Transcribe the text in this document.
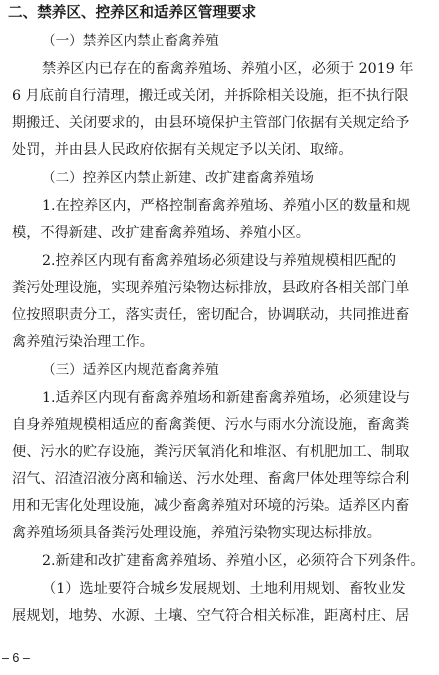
二、禁养区、控养区和适养区管理要求
（一）禁养区内禁止畜禽养殖
禁养区内已存在的畜禽养殖场、养殖小区，必须于 2019 年
6 月底前自行清理，搬迁或关闭，并拆除相关设施，拒不执行限
期搬迁、关闭要求的，由县环境保护主管部门依据有关规定给予
处罚，并由县人民政府依据有关规定予以关闭、取缔。
（二）控养区内禁止新建、改扩建畜禽养殖场
1.在控养区内，严格控制畜禽养殖场、养殖小区的数量和规
模，不得新建、改扩建畜禽养殖场、养殖小区。
2.控养区内现有畜禽养殖场必须建设与养殖规模相匹配的
粪污处理设施，实现养殖污染物达标排放，县政府各相关部门单
位按照职责分工，落实责任，密切配合，协调联动，共同推进畜
禽养殖污染治理工作。
（三）适养区内规范畜禽养殖
1.适养区内现有畜禽养殖场和新建畜禽养殖场，必须建设与
自身养殖规模相适应的畜禽粪便、污水与雨水分流设施，畜禽粪
便、污水的贮存设施，粪污厌氧消化和堆沤、有机肥加工、制取
沼气、沼渣沼液分离和输送、污水处理、畜禽尸体处理等综合利
用和无害化处理设施，减少畜禽养殖对环境的污染。适养区内畜
禽养殖场须具备粪污处理设施，养殖污染物实现达标排放。
2.新建和改扩建畜禽养殖场、养殖小区，必须符合下列条件。
（1）选址要符合城乡发展规划、土地利用规划、畜牧业发
展规划，地势、水源、土壤、空气符合相关标准，距离村庄、居
– 6 –
